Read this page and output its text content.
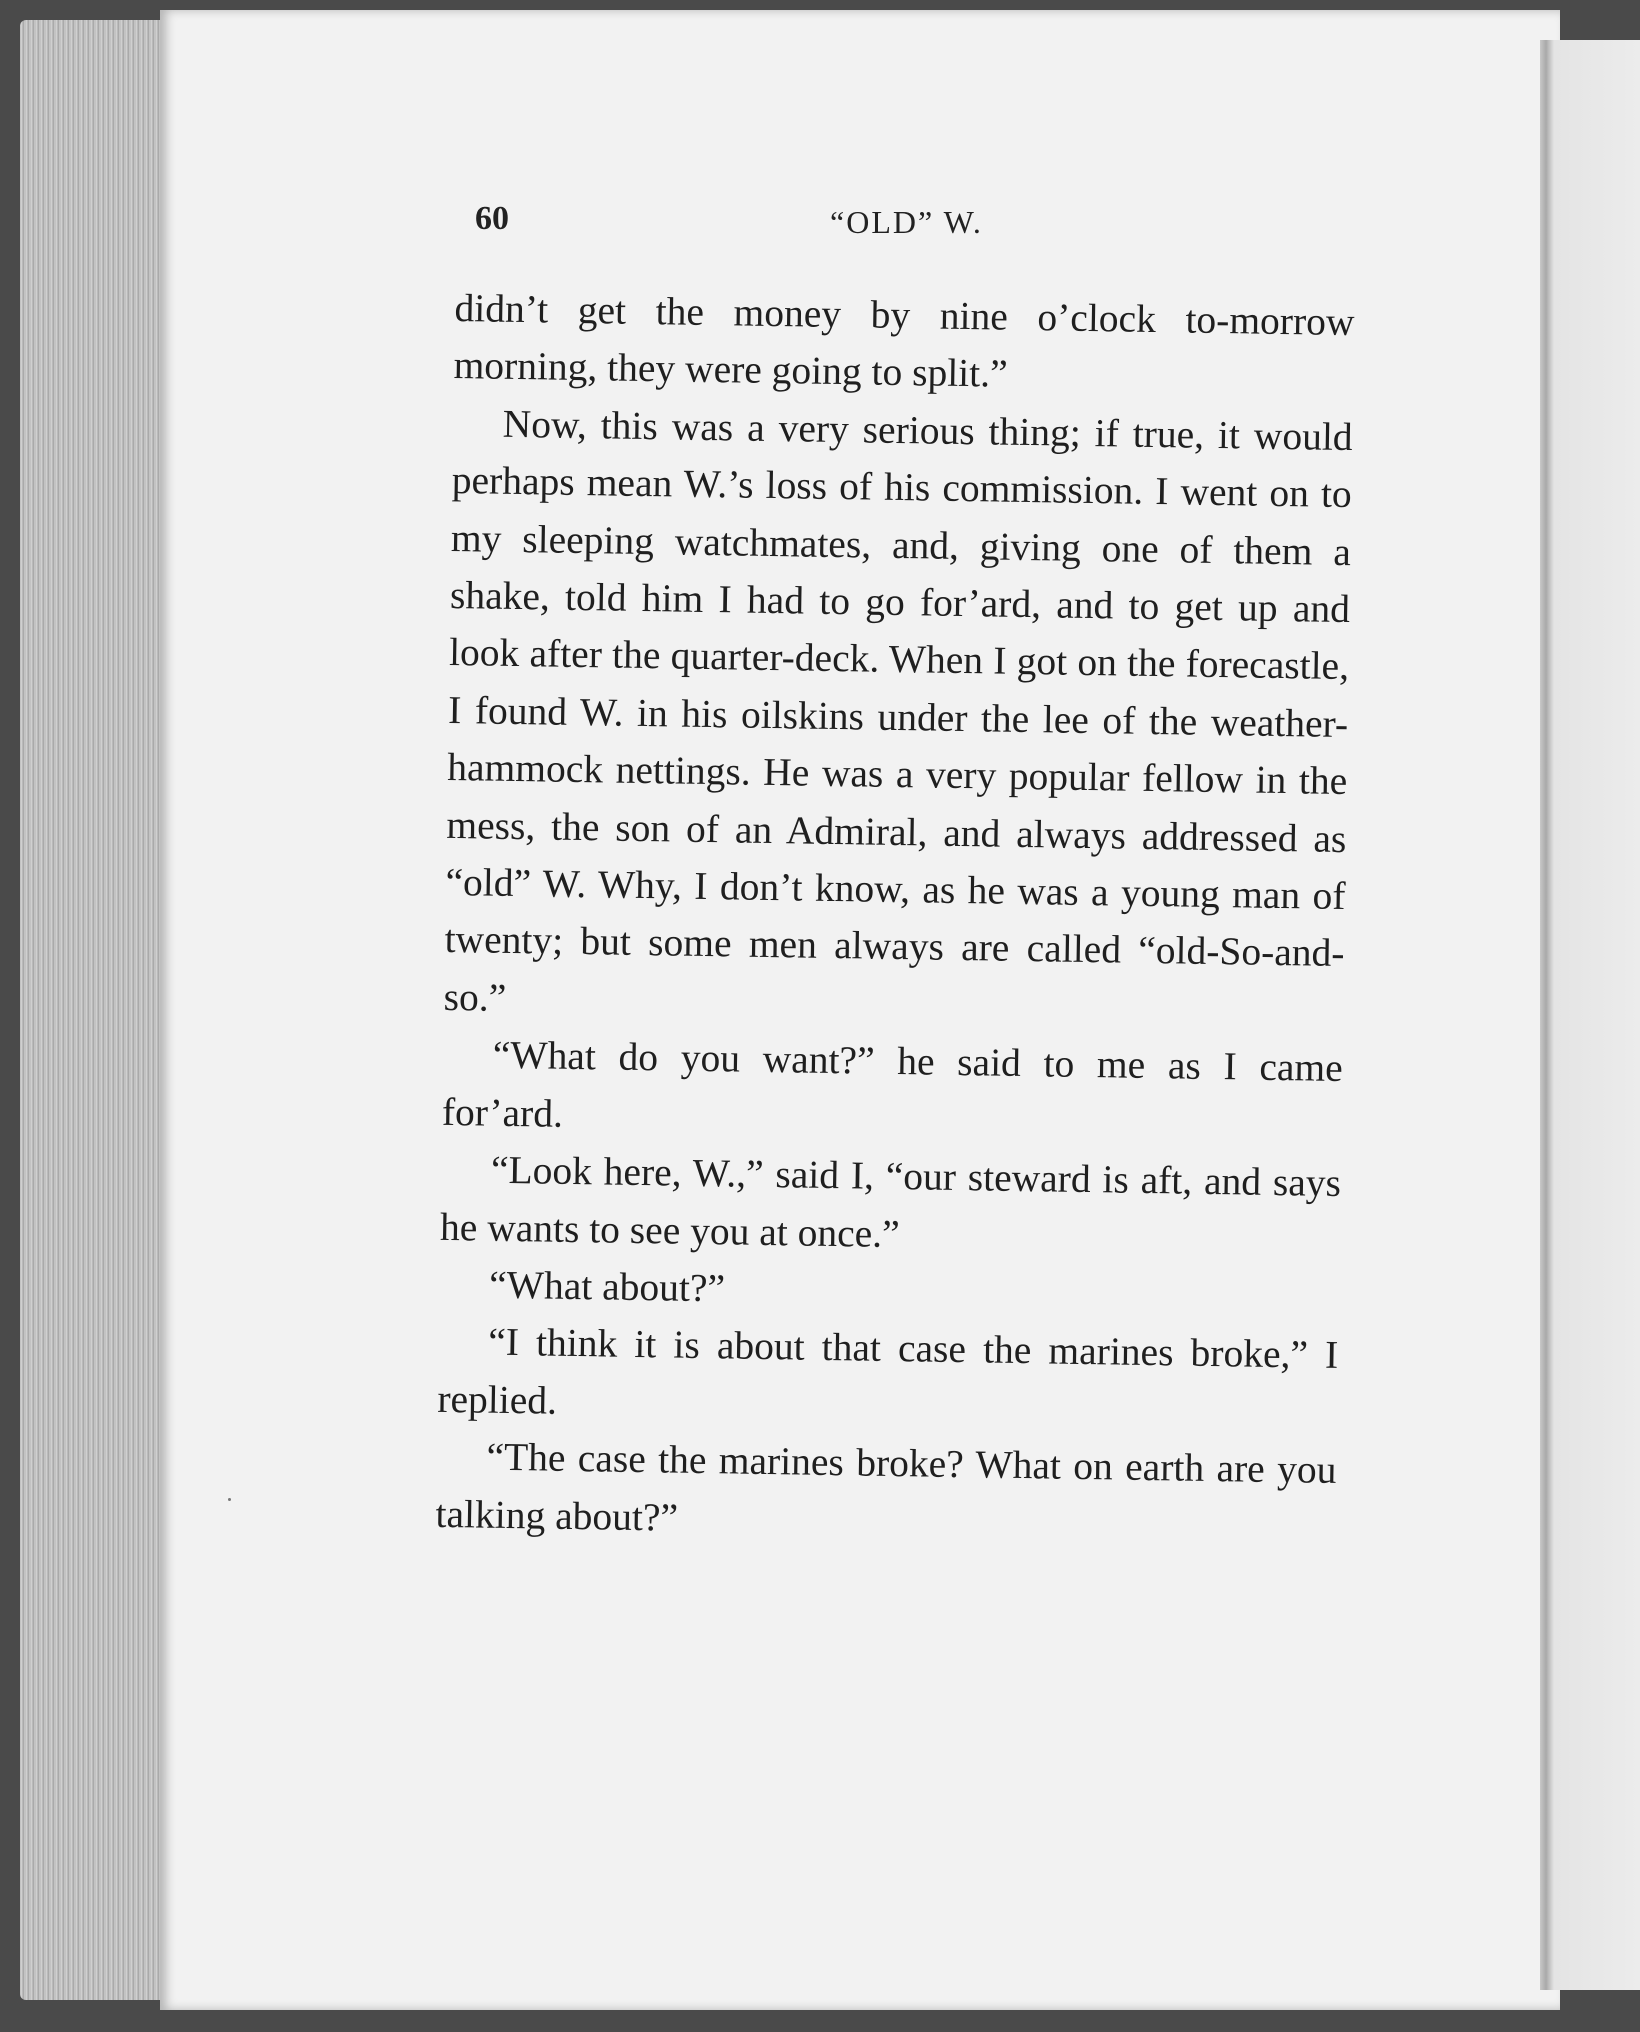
60	“OLD” W.

didn’t get the money by nine o’clock to-morrow morning, they were going to split.”

Now, this was a very serious thing; if true, it would perhaps mean W.’s loss of his commission. I went on to my sleeping watchmates, and, giving one of them a shake, told him I had to go for’ard, and to get up and look after the quarter-deck. When I got on the forecastle, I found W. in his oilskins under the lee of the weather-hammock nettings. He was a very popular fellow in the mess, the son of an Admiral, and always addressed as “old” W. Why, I don’t know, as he was a young man of twenty; but some men always are called “old-So-and-so.”

“What do you want?” he said to me as I came for’ard.

“Look here, W.,” said I, “our steward is aft, and says he wants to see you at once.”

“What about?”

“I think it is about that case the marines broke,” I replied.

“The case the marines broke? What on earth are you talking about?”
